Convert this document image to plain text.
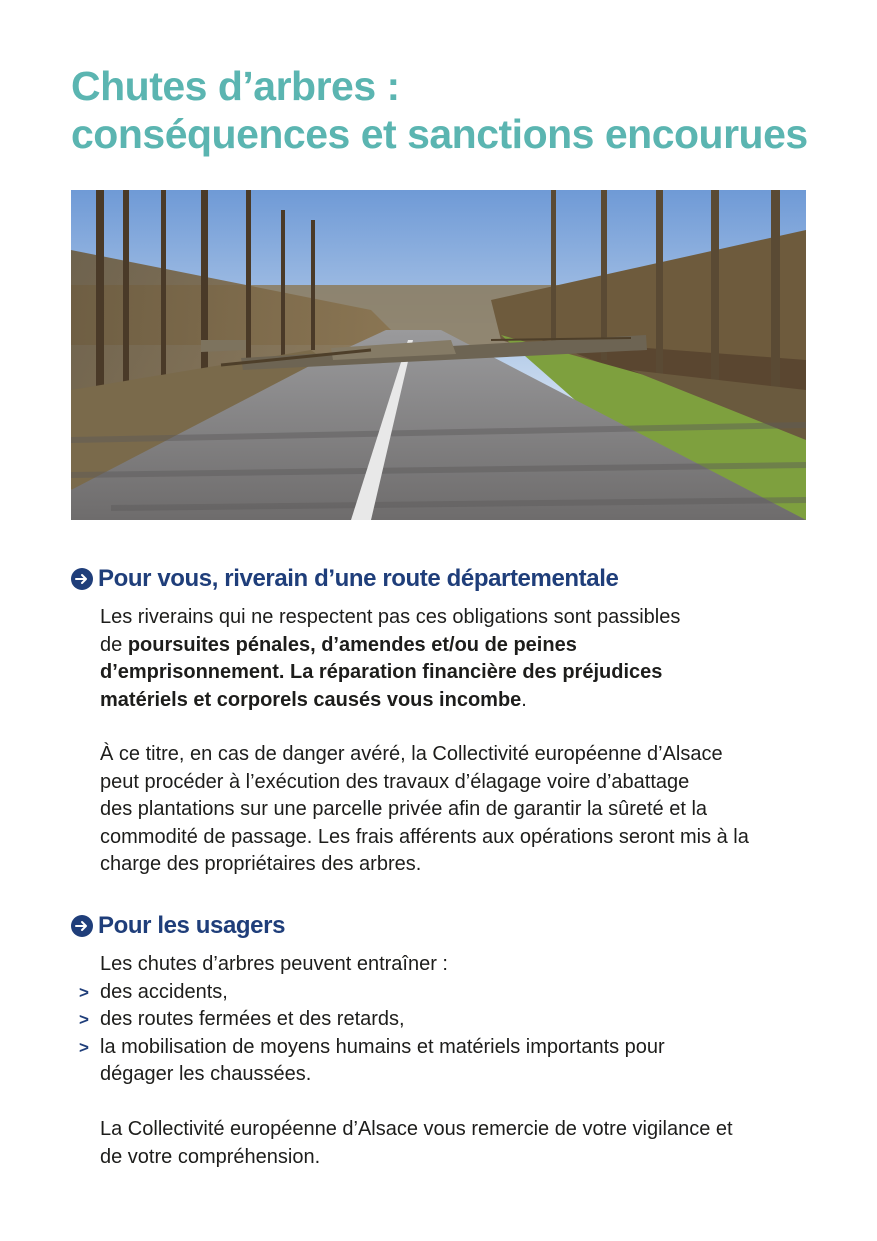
Chutes d’arbres :
conséquences et sanctions encourues
Pour vous, riverain d’une route départementale

Les riverains qui ne respectent pas ces obligations sont passibles
de poursuites pénales, d’amendes et/ou de peines
d’emprisonnement. La réparation financière des préjudices
matériels et corporels causés vous incombe.

À ce titre, en cas de danger avéré, la Collectivité européenne d’Alsace
peut procéder à l’exécution des travaux d’élagage voire d’abattage
des plantations sur une parcelle privée afin de garantir la sûreté et la
commodité de passage. Les frais afférents aux opérations seront mis à la
charge des propriétaires des arbres.

Pour les usagers

Les chutes d’arbres peuvent entraîner :

> des accidents,
> des routes fermées et des retards,
> la mobilisation de moyens humains et matériels importants pour
dégager les chaussées.

La Collectivité européenne d’Alsace vous remercie de votre vigilance et
de votre compréhension.
